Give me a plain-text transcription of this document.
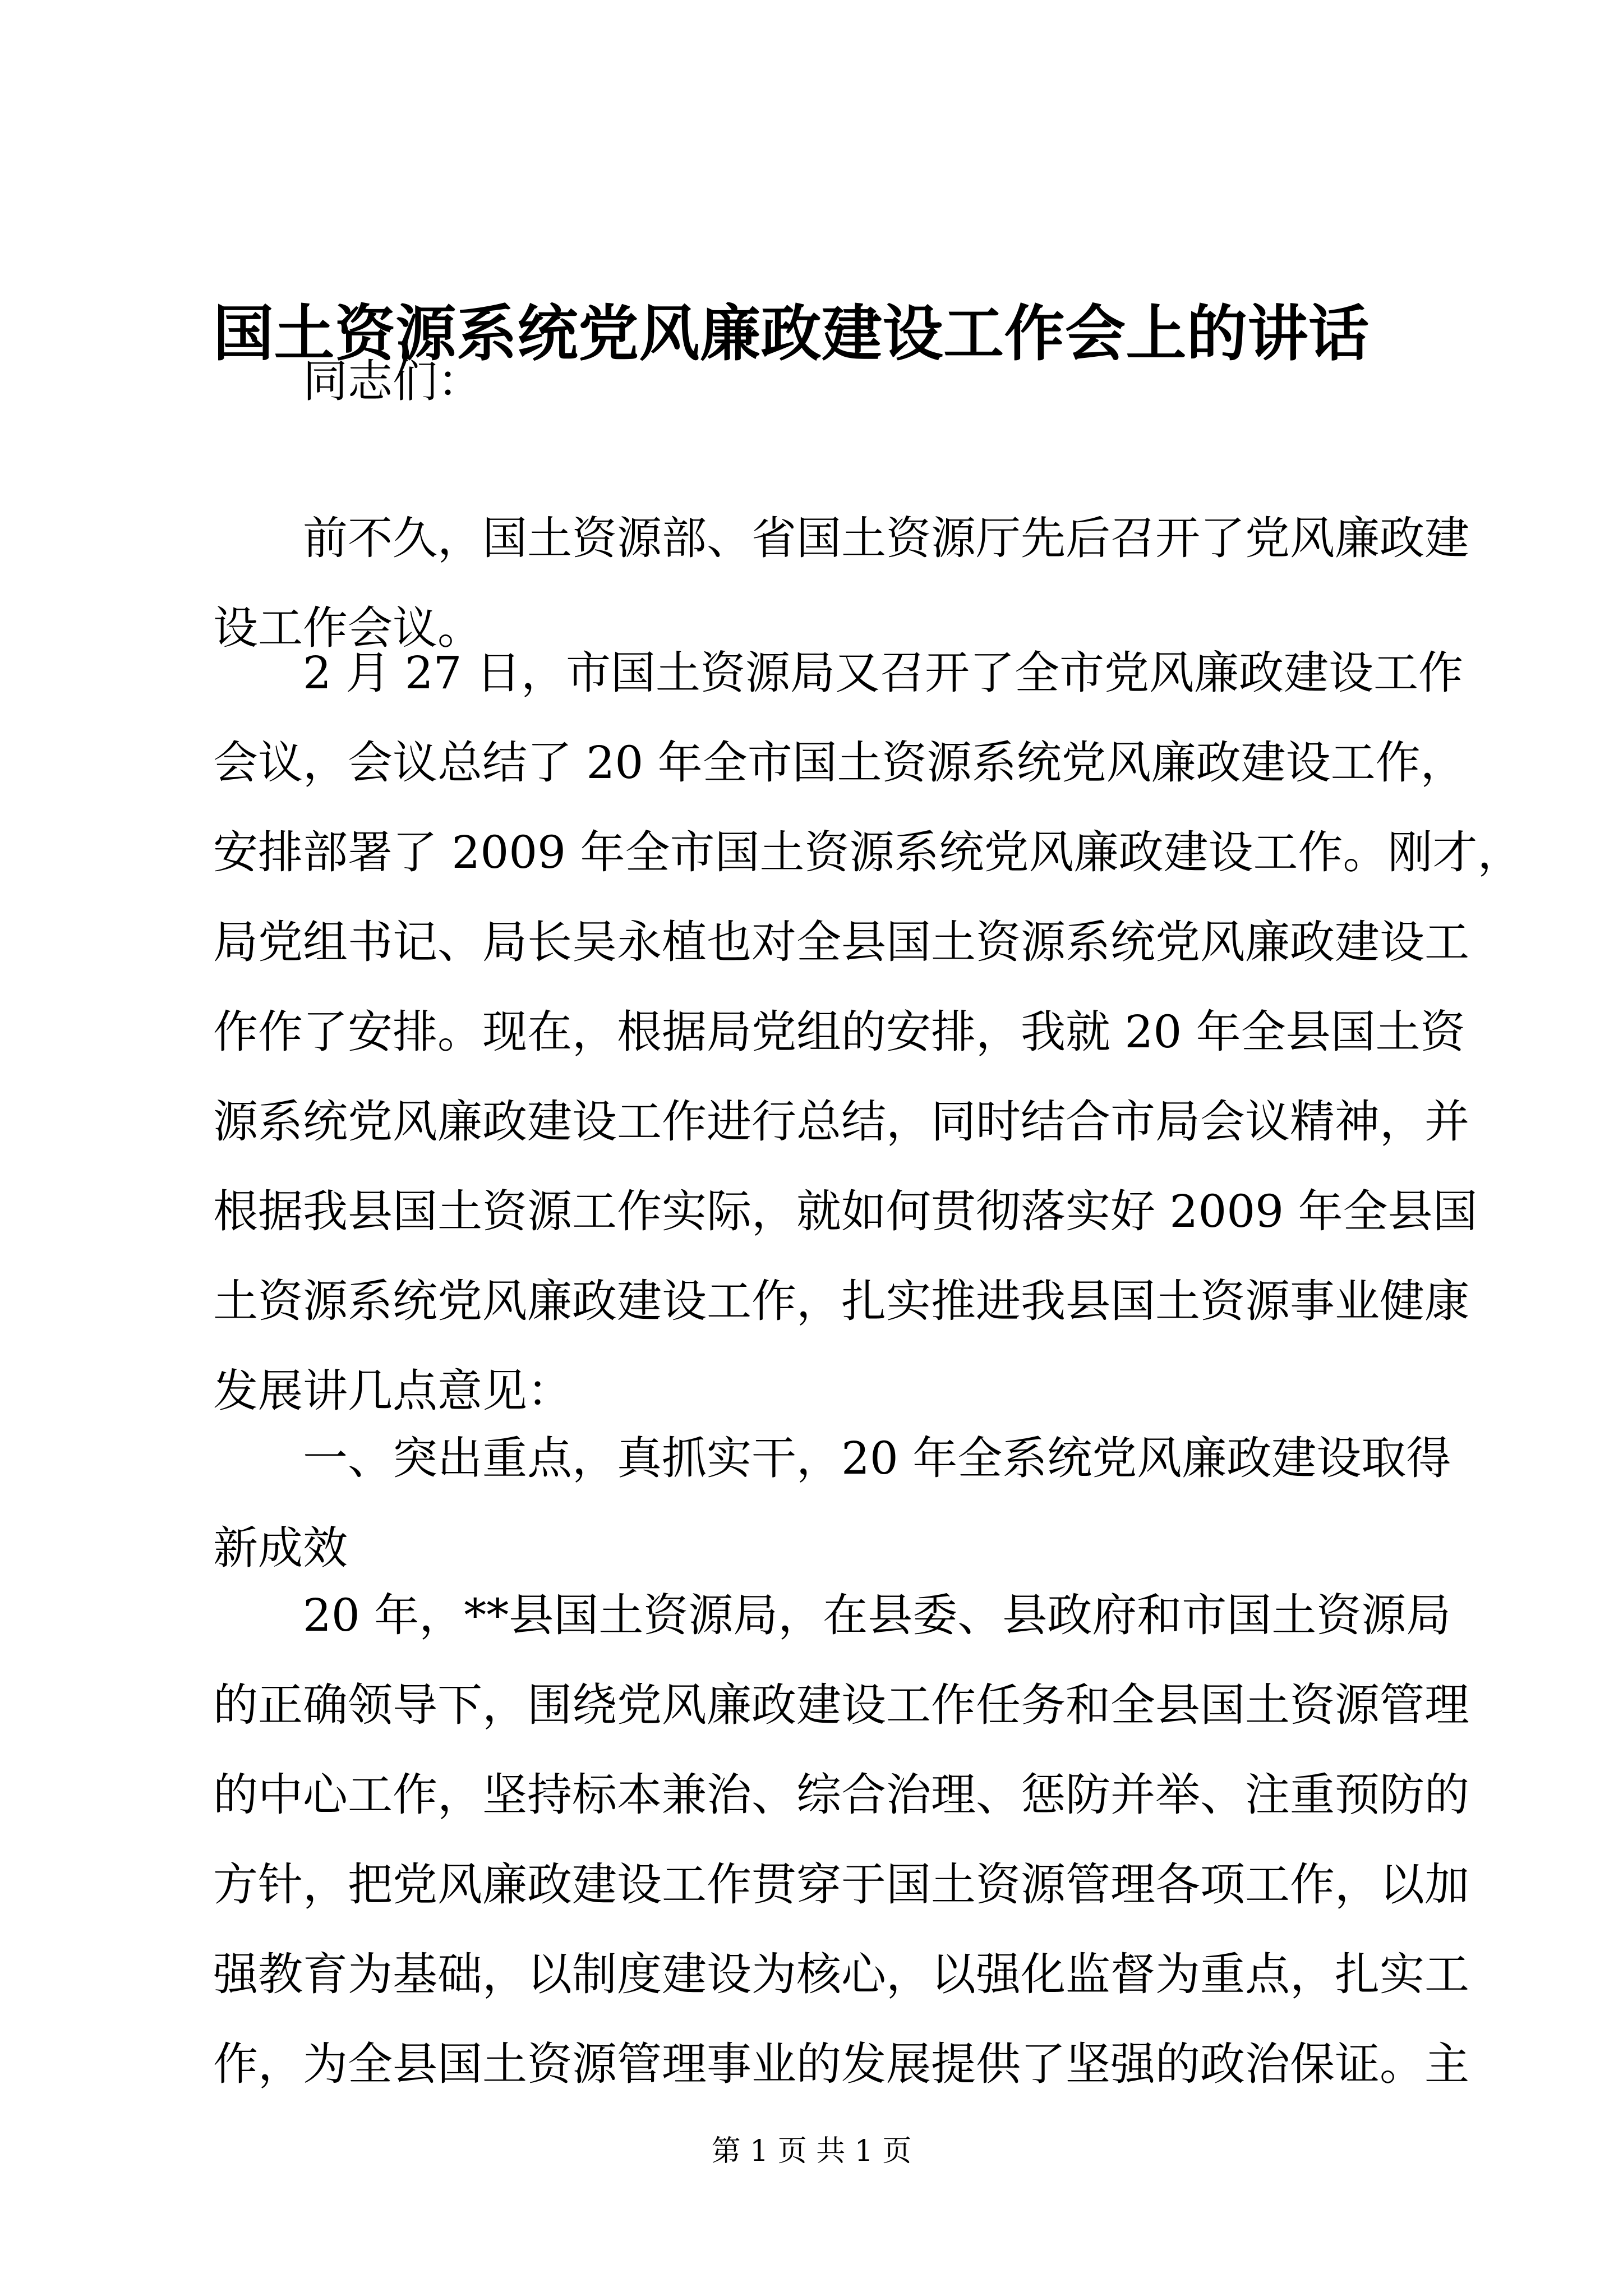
国土资源系统党风廉政建设工作会上的讲话

同志们：

前不久，国土资源部、省国土资源厅先后召开了党风廉政建
设工作会议。

2 月 27 日，市国土资源局又召开了全市党风廉政建设工作
会议，会议总结了 20 年全市国土资源系统党风廉政建设工作，
安排部署了 2009 年全市国土资源系统党风廉政建设工作。刚才，
局党组书记、局长吴永植也对全县国土资源系统党风廉政建设工
作作了安排。现在，根据局党组的安排，我就 20 年全县国土资
源系统党风廉政建设工作进行总结，同时结合市局会议精神，并
根据我县国土资源工作实际，就如何贯彻落实好 2009 年全县国
土资源系统党风廉政建设工作，扎实推进我县国土资源事业健康
发展讲几点意见：

一、突出重点，真抓实干，20 年全系统党风廉政建设取得
新成效

20 年，**县国土资源局，在县委、县政府和市国土资源局
的正确领导下，围绕党风廉政建设工作任务和全县国土资源管理
的中心工作，坚持标本兼治、综合治理、惩防并举、注重预防的
方针，把党风廉政建设工作贯穿于国土资源管理各项工作，以加
强教育为基础，以制度建设为核心，以强化监督为重点，扎实工
作，为全县国土资源管理事业的发展提供了坚强的政治保证。主

第 1 页 共 1 页
